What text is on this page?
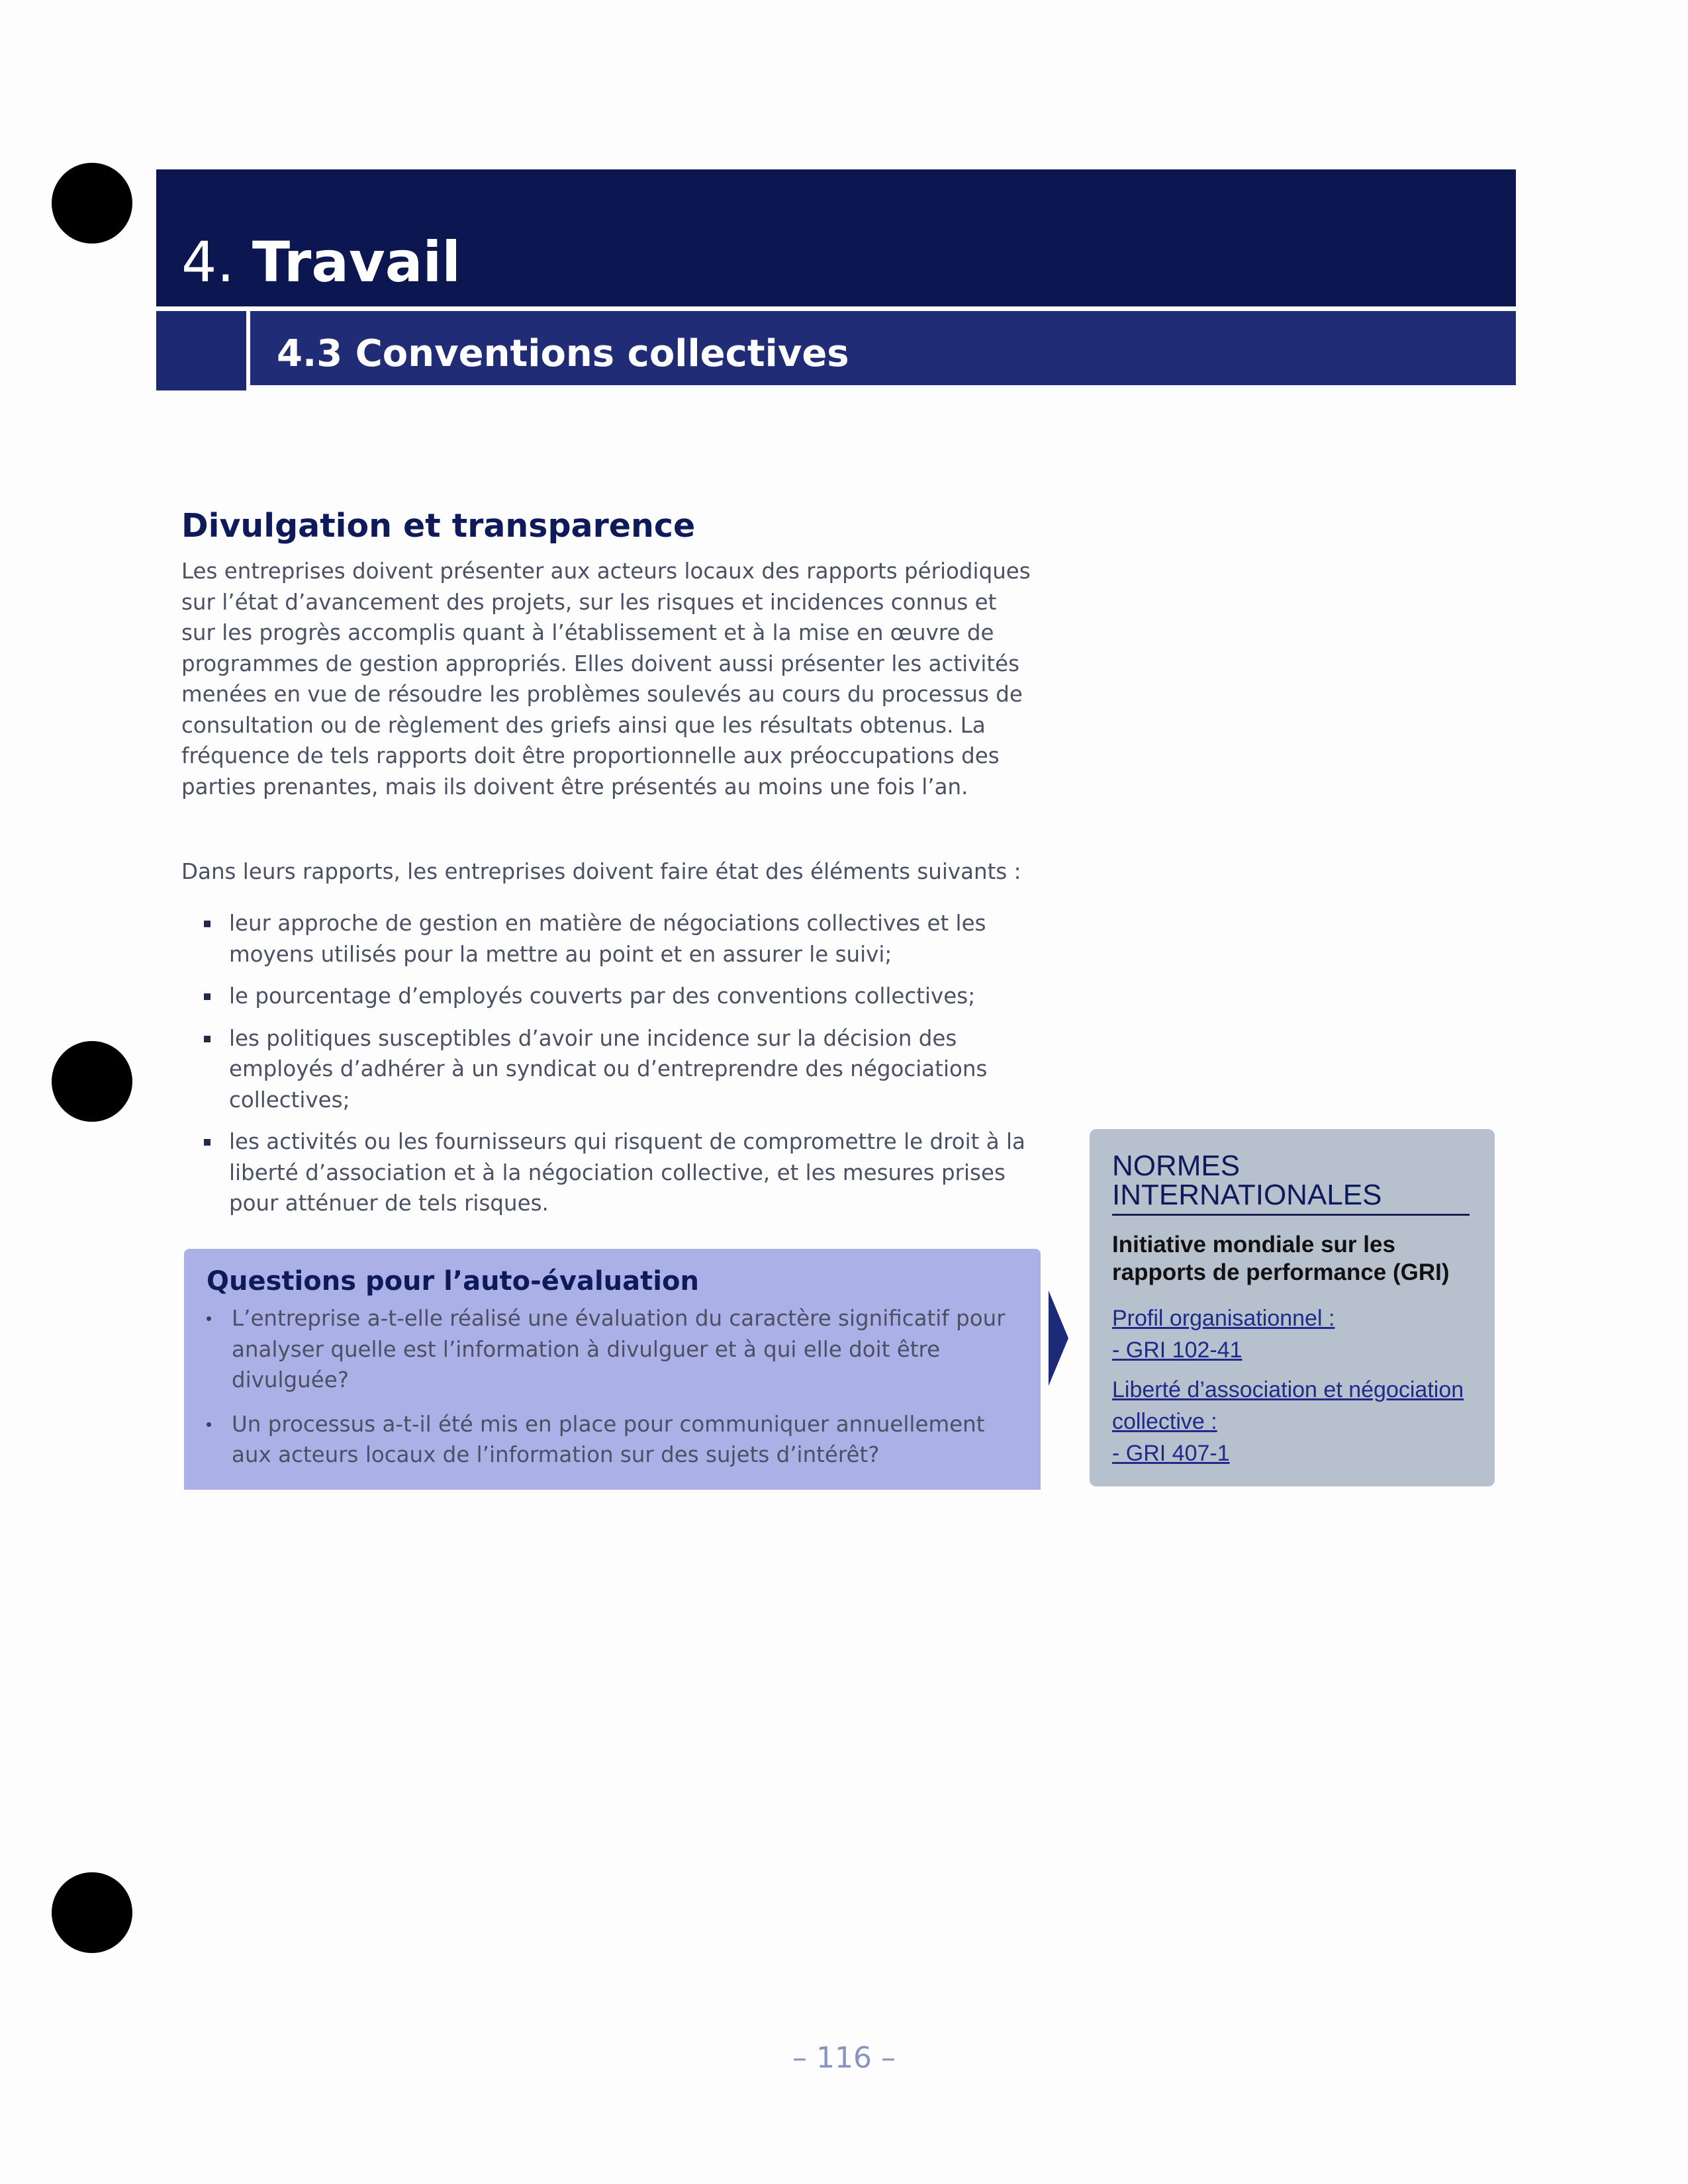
4. Travail
4.3 Conventions collectives
Divulgation et transparence
Les entreprises doivent présenter aux acteurs locaux des rapports périodiques sur l’état d’avancement des projets, sur les risques et incidences connus et sur les progrès accomplis quant à l’établissement et à la mise en œuvre de programmes de gestion appropriés. Elles doivent aussi présenter les activités menées en vue de résoudre les problèmes soulevés au cours du processus de consultation ou de règlement des griefs ainsi que les résultats obtenus. La fréquence de tels rapports doit être proportionnelle aux préoccupations des parties prenantes, mais ils doivent être présentés au moins une fois l’an.
Dans leurs rapports, les entreprises doivent faire état des éléments suivants :
leur approche de gestion en matière de négociations collectives et les moyens utilisés pour la mettre au point et en assurer le suivi;
le pourcentage d’employés couverts par des conventions collectives;
les politiques susceptibles d’avoir une incidence sur la décision des employés d’adhérer à un syndicat ou d’entreprendre des négociations collectives;
les activités ou les fournisseurs qui risquent de compromettre le droit à la liberté d’association et à la négociation collective, et les mesures prises pour atténuer de tels risques.
Questions pour l’auto-évaluation
L’entreprise a-t-elle réalisé une évaluation du caractère significatif pour analyser quelle est l’information à divulguer et à qui elle doit être divulguée?
Un processus a-t-il été mis en place pour communiquer annuellement aux acteurs locaux de l’information sur des sujets d’intérêt?
NORMES INTERNATIONALES
Initiative mondiale sur les rapports de performance (GRI)
Profil organisationnel :
- GRI 102-41
Liberté d’association et négociation
collective :
- GRI 407-1
– 116 –
